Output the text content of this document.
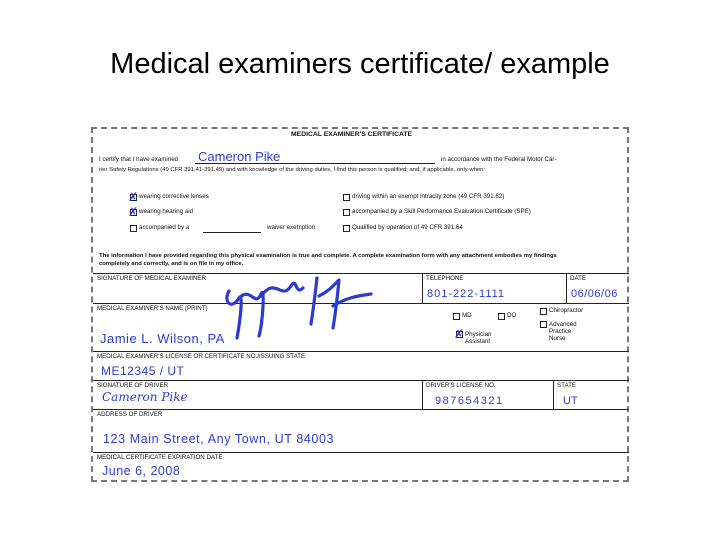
Medical examiners certificate/ example
MEDICAL EXAMINER'S CERTIFICATE
I certify that I have examined Cameron Pike	in accordance with the Federal Motor Car-
rier Safety Regulations (49 CFR 391.41-391.49) and with knowledge of the driving duties, I find this person is qualified; and, if applicable, only when:
✗ wearing corrective lenses
✗ wearing hearing aid
accompanied by a	waiver exemption
driving within an exempt intracity zone (49 CFR 391.62)
accompanied by a Skill Performance Evaluation Certificate (SPE)
Qualified by operation of 49 CFR 391.64
The information I have provided regarding this physical examination is true and complete. A complete examination form with any attachment embodies my findings
completely and correctly, and is on file in my office.
SIGNATURE OF MEDICAL EXAMINER	TELEPHONE
801-222-1111
DATE
06/06/06
MEDICAL EXAMINER'S NAME (PRINT)
Jamie L. Wilson, PA
MD	DO
Chiropractor
✗ Physician Assistant
Advanced Practice Nurse
MEDICAL EXAMINER'S LICENSE OR CERTIFICATE NO./ISSUING STATE
ME12345 / UT
SIGNATURE OF DRIVER
Cameron Pike
DRIVER'S LICENSE NO.
987654321
STATE
UT
ADDRESS OF DRIVER
123 Main Street, Any Town, UT 84003
MEDICAL CERTIFICATE EXPIRATION DATE
June 6, 2008
